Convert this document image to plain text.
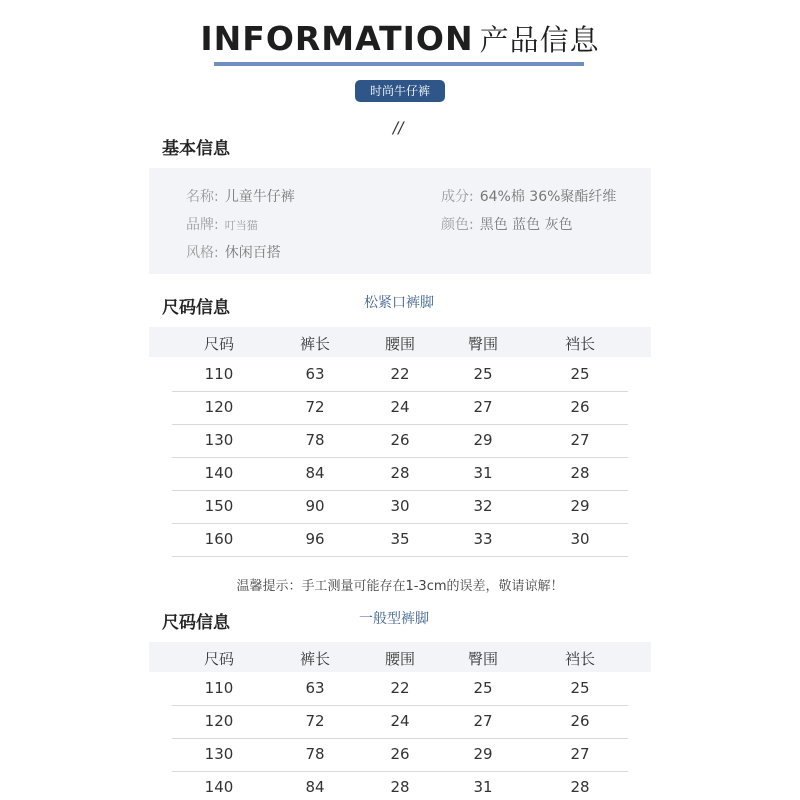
INFORMATION 产品信息
时尚牛仔裤
//
基本信息
名称: 儿童牛仔裤
品牌: 叮当猫
风格: 休闲百搭
成分: 64%棉 36%聚酯纤维
颜色: 黑色 蓝色 灰色
尺码信息	松紧口裤脚
尺码	裤长	腰围	臀围	裆长
110	63	22	25	25
120	72	24	27	26
130	78	26	29	27
140	84	28	31	28
150	90	30	32	29
160	96	35	33	30
温馨提示：手工测量可能存在1-3cm的误差，敬请谅解！
尺码信息	一般型裤脚
尺码	裤长	腰围	臀围	裆长
110	63	22	25	25
120	72	24	27	26
130	78	26	29	27
140	84	28	31	28
